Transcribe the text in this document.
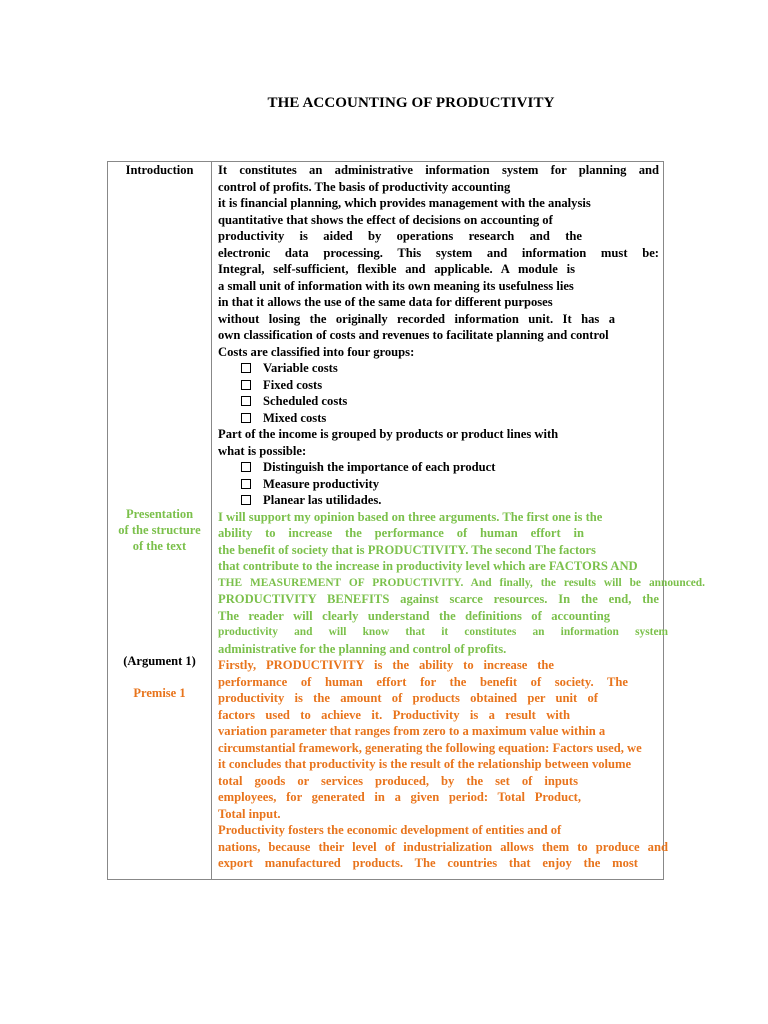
THE ACCOUNTING OF PRODUCTIVITY
Introduction
Presentation
of the structure
of the text
(Argument 1)
Premise 1
It constitutes an administrative information system for planning and
control of profits. The basis of productivity accounting
it is financial planning, which provides management with the analysis
quantitative that shows the effect of decisions on accounting of
productivity is aided by operations research and the
electronic data processing. This system and information must be:
Integral, self-sufficient, flexible and applicable. A module is
a small unit of information with its own meaning its usefulness lies
in that it allows the use of the same data for different purposes
without losing the originally recorded information unit. It has a
own classification of costs and revenues to facilitate planning and control
Costs are classified into four groups:
Variable costs
Fixed costs
Scheduled costs
Mixed costs
Part of the income is grouped by products or product lines with
what is possible:
Distinguish the importance of each product
Measure productivity
Planear las utilidades.
I will support my opinion based on three arguments. The first one is the
ability to increase the performance of human effort in
the benefit of society that is PRODUCTIVITY. The second The factors
that contribute to the increase in productivity level which are FACTORS AND
THE MEASUREMENT OF PRODUCTIVITY. And finally, the results will be announced.
PRODUCTIVITY BENEFITS against scarce resources. In the end, the
The reader will clearly understand the definitions of accounting
productivity and will know that it constitutes an information system
administrative for the planning and control of profits.
Firstly, PRODUCTIVITY is the ability to increase the
performance of human effort for the benefit of society. The
productivity is the amount of products obtained per unit of
factors used to achieve it. Productivity is a result with
variation parameter that ranges from zero to a maximum value within a
circumstantial framework, generating the following equation: Factors used, we
it concludes that productivity is the result of the relationship between volume
total goods or services produced, by the set of inputs
employees, for generated in a given period: Total Product,
Total input.
Productivity fosters the economic development of entities and of
nations, because their level of industrialization allows them to produce and
export manufactured products. The countries that enjoy the most
